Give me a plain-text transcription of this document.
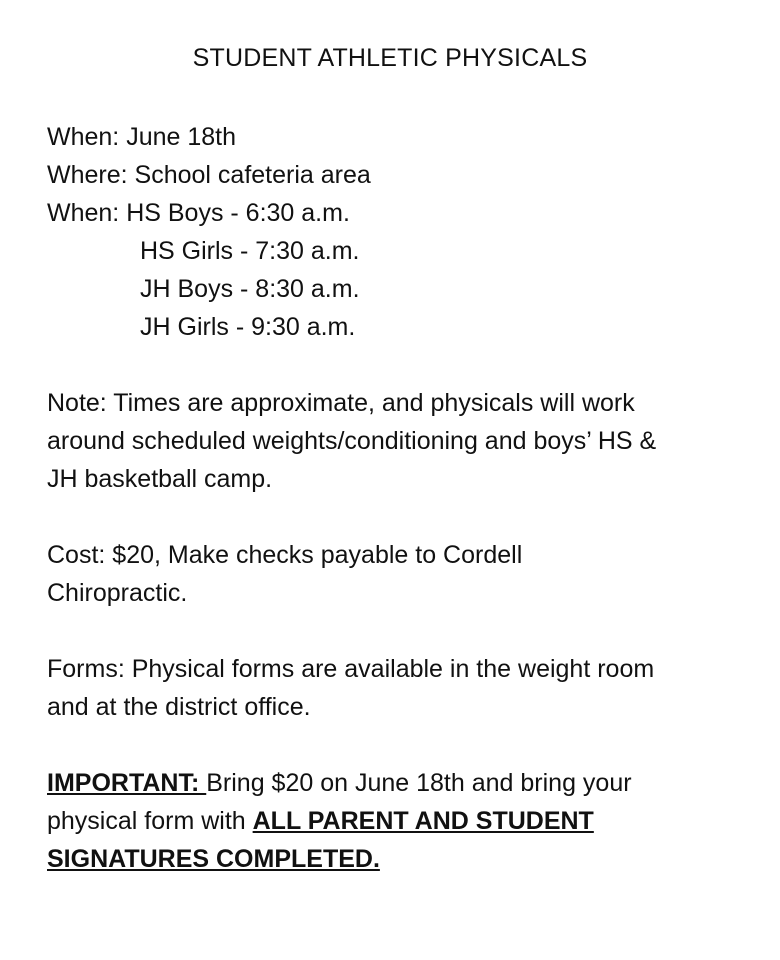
STUDENT ATHLETIC PHYSICALS
When: June 18th
Where: School cafeteria area
When: HS Boys - 6:30 a.m.
HS Girls - 7:30 a.m.
JH Boys - 8:30 a.m.
JH Girls - 9:30 a.m.
Note: Times are approximate, and physicals will work
around scheduled weights/conditioning and boys’ HS &
JH basketball camp.
Cost: $20, Make checks payable to Cordell
Chiropractic.
Forms: Physical forms are available in the weight room
and at the district office.
IMPORTANT: Bring $20 on June 18th and bring your
physical form with ALL PARENT AND STUDENT
SIGNATURES COMPLETED.
